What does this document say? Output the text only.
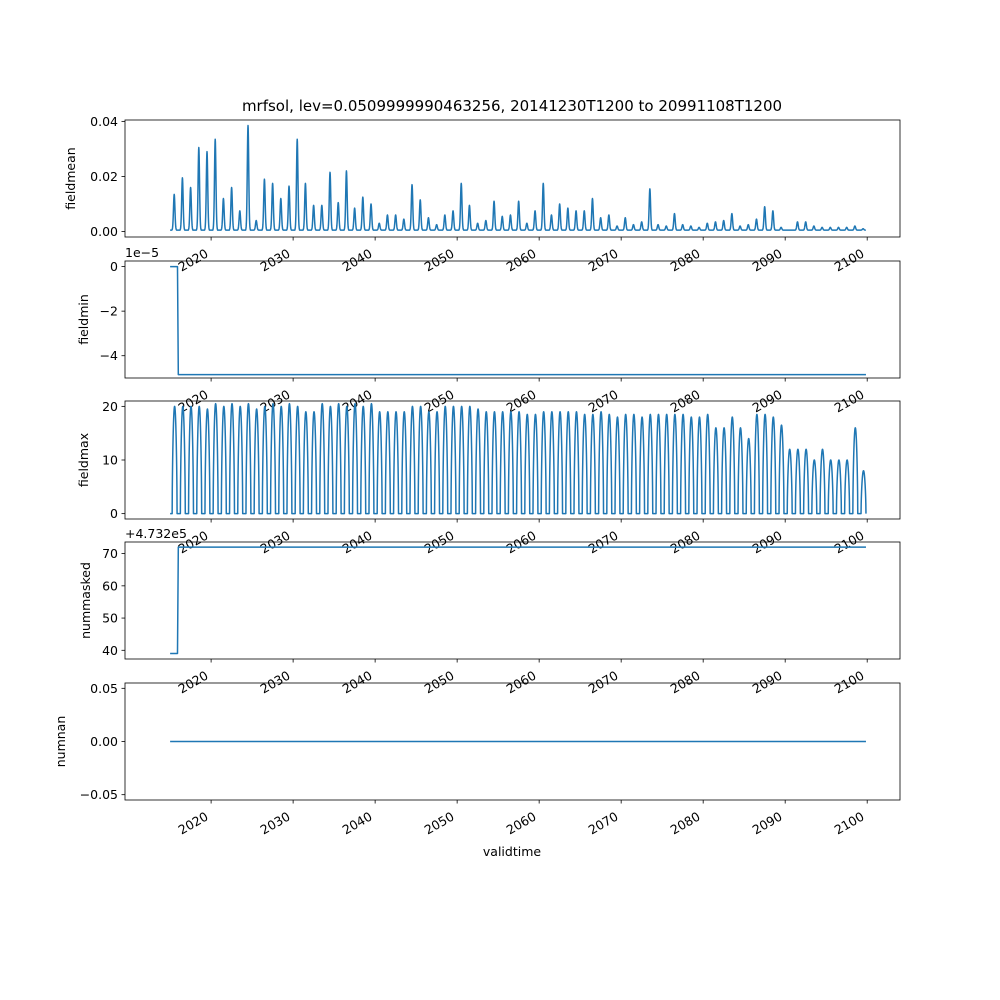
mrfsol, lev=0.0509999990463256, 20141230T1200 to 20991108T1200
validtime
2020	2030	2040	2050	2060	2070	2080	2090	2100
0.00
0.02
0.04
fieldmean
2020	2030	2040	2050	2060	2070	2080	2090	2100
0
−2
−4
fieldmin
1e−5
2020	2030	2040	2050	2060	2070	2080	2090	2100
0
10
20
fieldmax
2020	2030	2040	2050	2060	2070	2080	2090	2100
40
50
60
70
nummasked
+4.732e5
2020	2030	2040	2050	2060	2070	2080	2090	2100
−0.05
0.00
0.05
numnan
